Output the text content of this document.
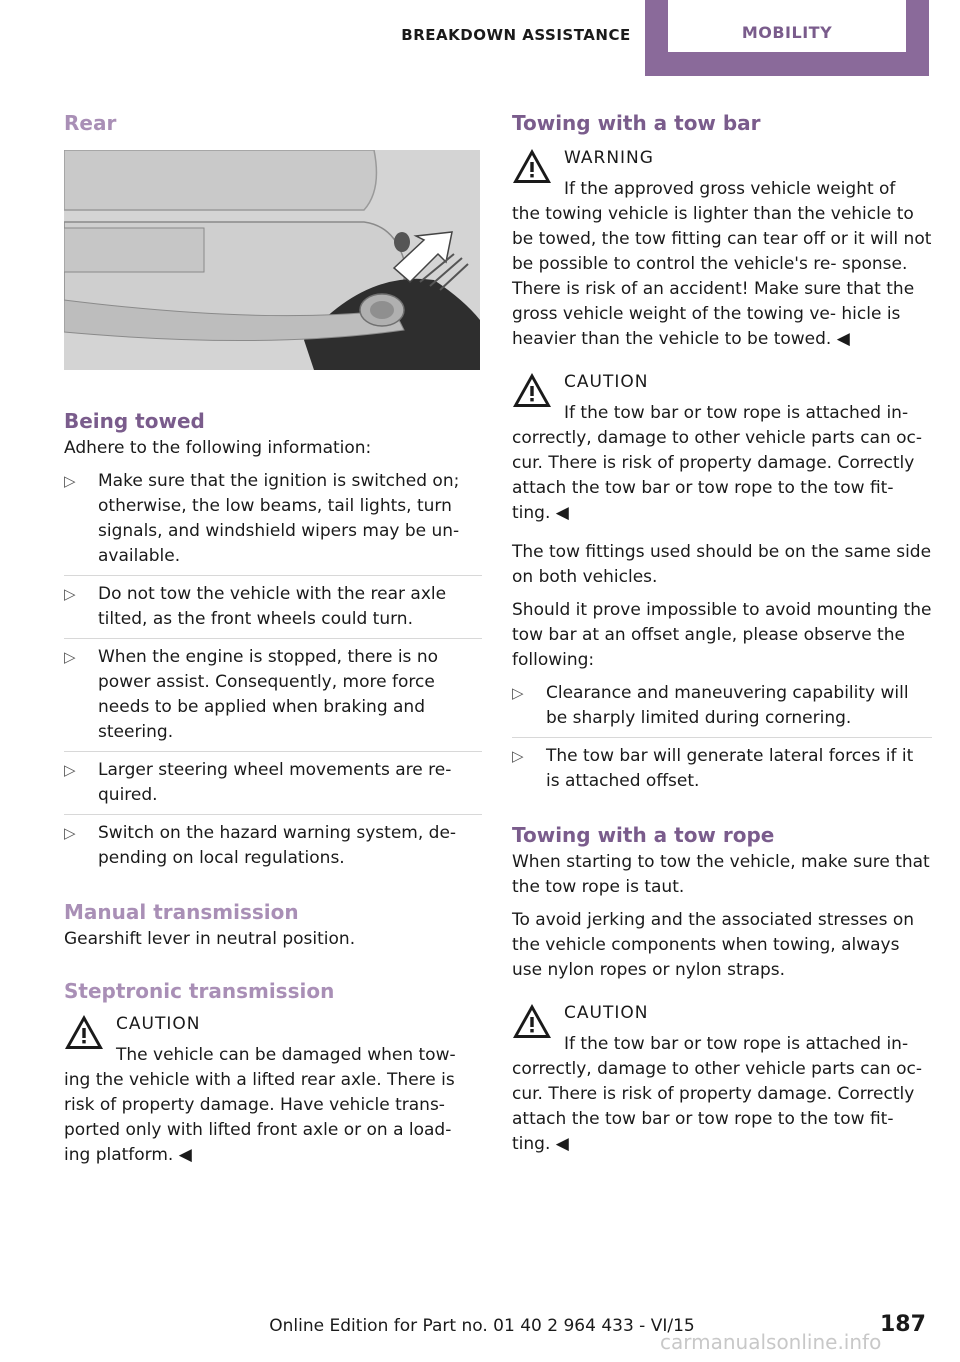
BREAKDOWN ASSISTANCE	MOBILITY
Rear
Being towed

Adhere to the following information:

▷ Make sure that the ignition is switched on; otherwise, the low beams, tail lights, turn signals, and windshield wipers may be un‐ available.
▷ Do not tow the vehicle with the rear axle tilted, as the front wheels could turn.
▷ When the engine is stopped, there is no power assist. Consequently, more force needs to be applied when braking and steering.
▷ Larger steering wheel movements are re‐ quired.
▷ Switch on the hazard warning system, de‐ pending on local regulations.
Manual transmission

Gearshift lever in neutral position.

Steptronic transmission
CAUTION
The vehicle can be damaged when tow‐
ing the vehicle with a lifted rear axle. There is risk of property damage. Have vehicle trans‐ ported only with lifted front axle or on a load‐ ing platform. ◀
Towing with a tow bar
WARNING
If the approved gross vehicle weight of
the towing vehicle is lighter than the vehicle to be towed, the tow fitting can tear off or it will not be possible to control the vehicle's re‐ sponse. There is risk of an accident! Make sure that the gross vehicle weight of the towing ve‐ hicle is heavier than the vehicle to be towed. ◀
CAUTION
If the tow bar or tow rope is attached in‐
correctly, damage to other vehicle parts can oc‐ cur. There is risk of property damage. Correctly attach the tow bar or tow rope to the tow fit‐ ting. ◀

The tow fittings used should be on the same side on both vehicles.

Should it prove impossible to avoid mounting the tow bar at an offset angle, please observe the following:

▷ Clearance and maneuvering capability will be sharply limited during cornering.
▷ The tow bar will generate lateral forces if it is attached offset.
Towing with a tow rope

When starting to tow the vehicle, make sure that the tow rope is taut.

To avoid jerking and the associated stresses on the vehicle components when towing, always use nylon ropes or nylon straps.

CAUTION
If the tow bar or tow rope is attached in‐
correctly, damage to other vehicle parts can oc‐ cur. There is risk of property damage. Correctly attach the tow bar or tow rope to the tow fit‐ ting. ◀
Online Edition for Part no. 01 40 2 964 433 - VI/15	187
carmanualsonline.info
